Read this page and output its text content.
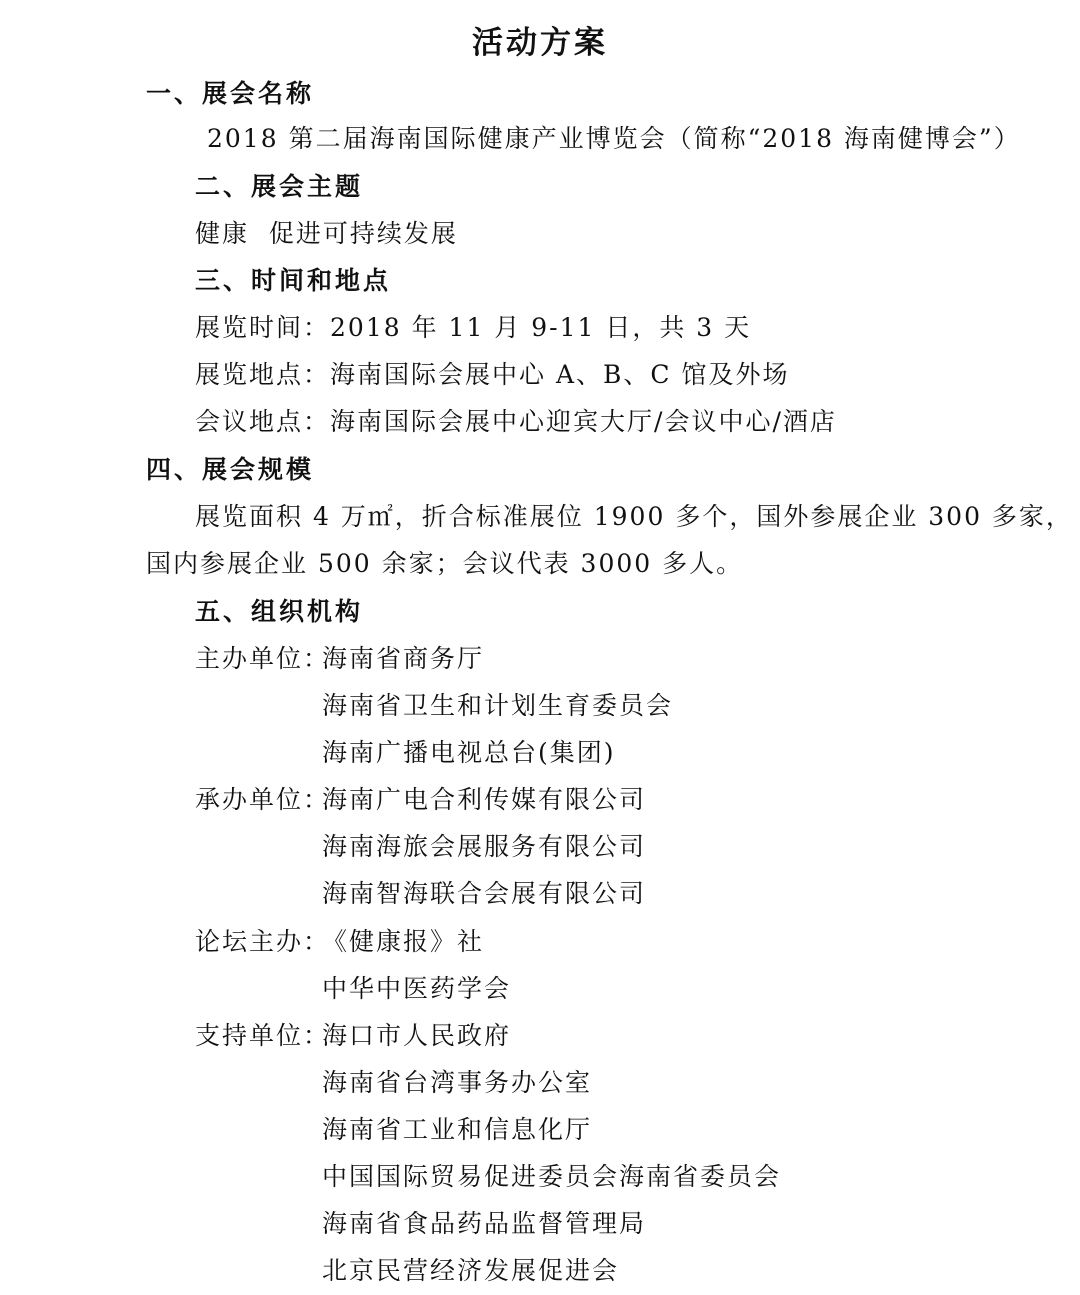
活动方案
一、展会名称
2018 第二届海南国际健康产业博览会（简称“2018 海南健博会”）
二、展会主题
健康  促进可持续发展
三、时间和地点
展览时间：2018 年 11 月 9-11 日，共 3 天
展览地点：海南国际会展中心 A、B、C 馆及外场
会议地点：海南国际会展中心迎宾大厅/会议中心/酒店
四、展会规模
展览面积 4 万㎡，折合标准展位 1900 多个，国外参展企业 300 多家，
国内参展企业 500 余家；会议代表 3000 多人。
五、组织机构
主办单位：
海南省商务厅
海南省卫生和计划生育委员会
海南广播电视总台(集团)
承办单位：
海南广电合利传媒有限公司
海南海旅会展服务有限公司
海南智海联合会展有限公司
论坛主办：
《健康报》社
中华中医药学会
支持单位：
海口市人民政府
海南省台湾事务办公室
海南省工业和信息化厅
中国国际贸易促进委员会海南省委员会
海南省食品药品监督管理局
北京民营经济发展促进会
